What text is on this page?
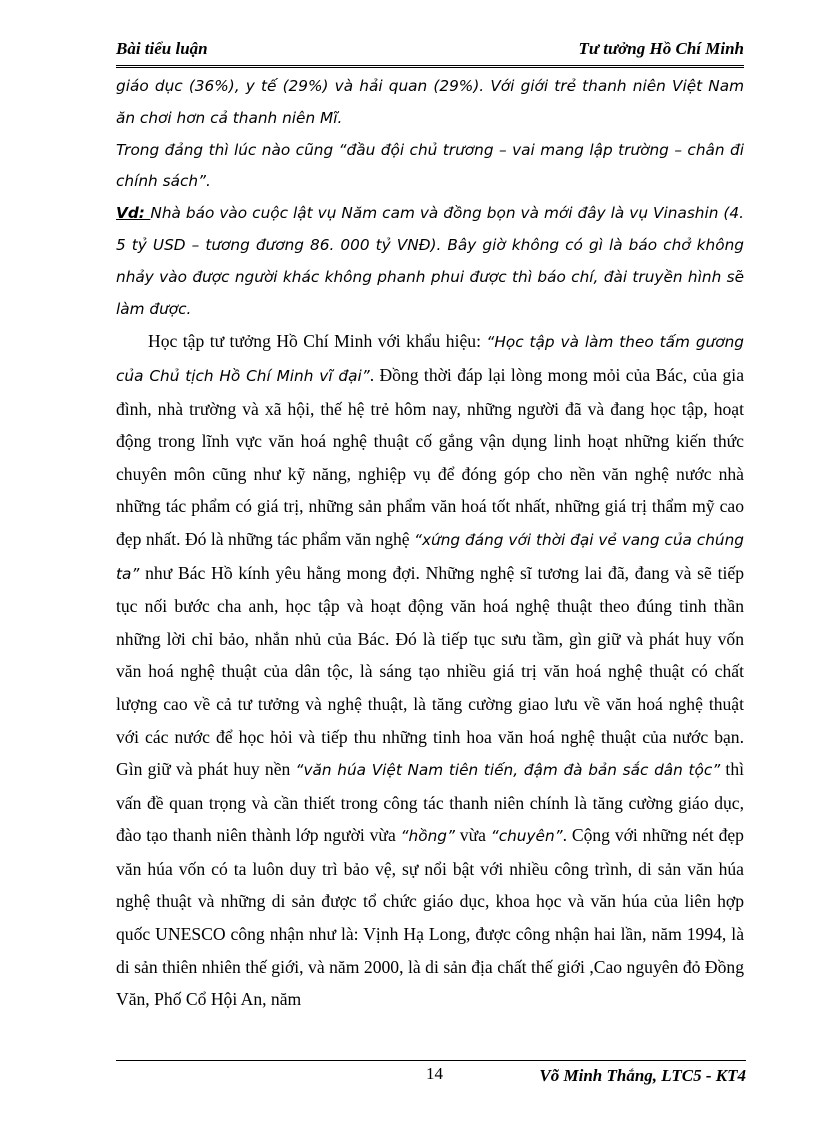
Bài tiểu luận	Tư tưởng Hồ Chí Minh

giáo dục (36%), y tế (29%) và hải quan (29%). Với giới trẻ thanh niên Việt Nam ăn chơi hơn cả thanh niên Mĩ.

Trong đảng thì lúc nào cũng “đầu đội chủ trương – vai mang lập trường – chân đi chính sách”.

Vd: Nhà báo vào cuộc lật vụ Năm cam và đồng bọn và mới đây là vụ Vinashin (4. 5 tỷ USD – tương đương 86. 000 tỷ VNĐ). Bây giờ không có gì là báo chở không nhảy vào được người khác không phanh phui được thì báo chí, đài truyền hình sẽ làm được.

Học tập tư tưởng Hồ Chí Minh với khẩu hiệu: “Học tập và làm theo tấm gương của Chủ tịch Hồ Chí Minh vĩ đại”. Đồng thời đáp lại lòng mong mỏi của Bác, của gia đình, nhà trường và xã hội, thế hệ trẻ hôm nay, những người đã và đang học tập, hoạt động trong lĩnh vực văn hoá nghệ thuật cố gắng vận dụng linh hoạt những kiến thức chuyên môn cũng như kỹ năng, nghiệp vụ để đóng góp cho nền văn nghệ nước nhà những tác phẩm có giá trị, những sản phẩm văn hoá tốt nhất, những giá trị thẩm mỹ cao đẹp nhất. Đó là những tác phẩm văn nghệ “xứng đáng với thời đại vẻ vang của chúng ta” như Bác Hồ kính yêu hằng mong đợi. Những nghệ sĩ tương lai đã, đang và sẽ tiếp tục nối bước cha anh, học tập và hoạt động văn hoá nghệ thuật theo đúng tinh thần những lời chỉ bảo, nhắn nhủ của Bác. Đó là tiếp tục sưu tầm, gìn giữ và phát huy vốn văn hoá nghệ thuật của dân tộc, là sáng tạo nhiều giá trị văn hoá nghệ thuật có chất lượng cao về cả tư tưởng và nghệ thuật, là tăng cường giao lưu về văn hoá nghệ thuật với các nước để học hỏi và tiếp thu những tinh hoa văn hoá nghệ thuật của nước bạn. Gìn giữ và phát huy nền “văn húa Việt Nam tiên tiến, đậm đà bản sắc dân tộc” thì vấn đề quan trọng và cần thiết trong công tác thanh niên chính là tăng cường giáo dục, đào tạo thanh niên thành lớp người vừa “hồng” vừa “chuyên”. Cộng với những nét đẹp văn húa vốn có ta luôn duy trì bảo vệ, sự nổi bật với nhiều công trình, di sản văn húa nghệ thuật và những di sản được tổ chức giáo dục, khoa học và văn húa của liên hợp quốc UNESCO công nhận như là: Vịnh Hạ Long, được công nhận hai lần, năm 1994, là di sản thiên nhiên thế giới, và năm 2000, là di sản địa chất thế giới ,Cao nguyên đỏ Đồng Văn, Phố Cổ Hội An, năm

14	Võ Minh Thắng, LTC5 - KT4
